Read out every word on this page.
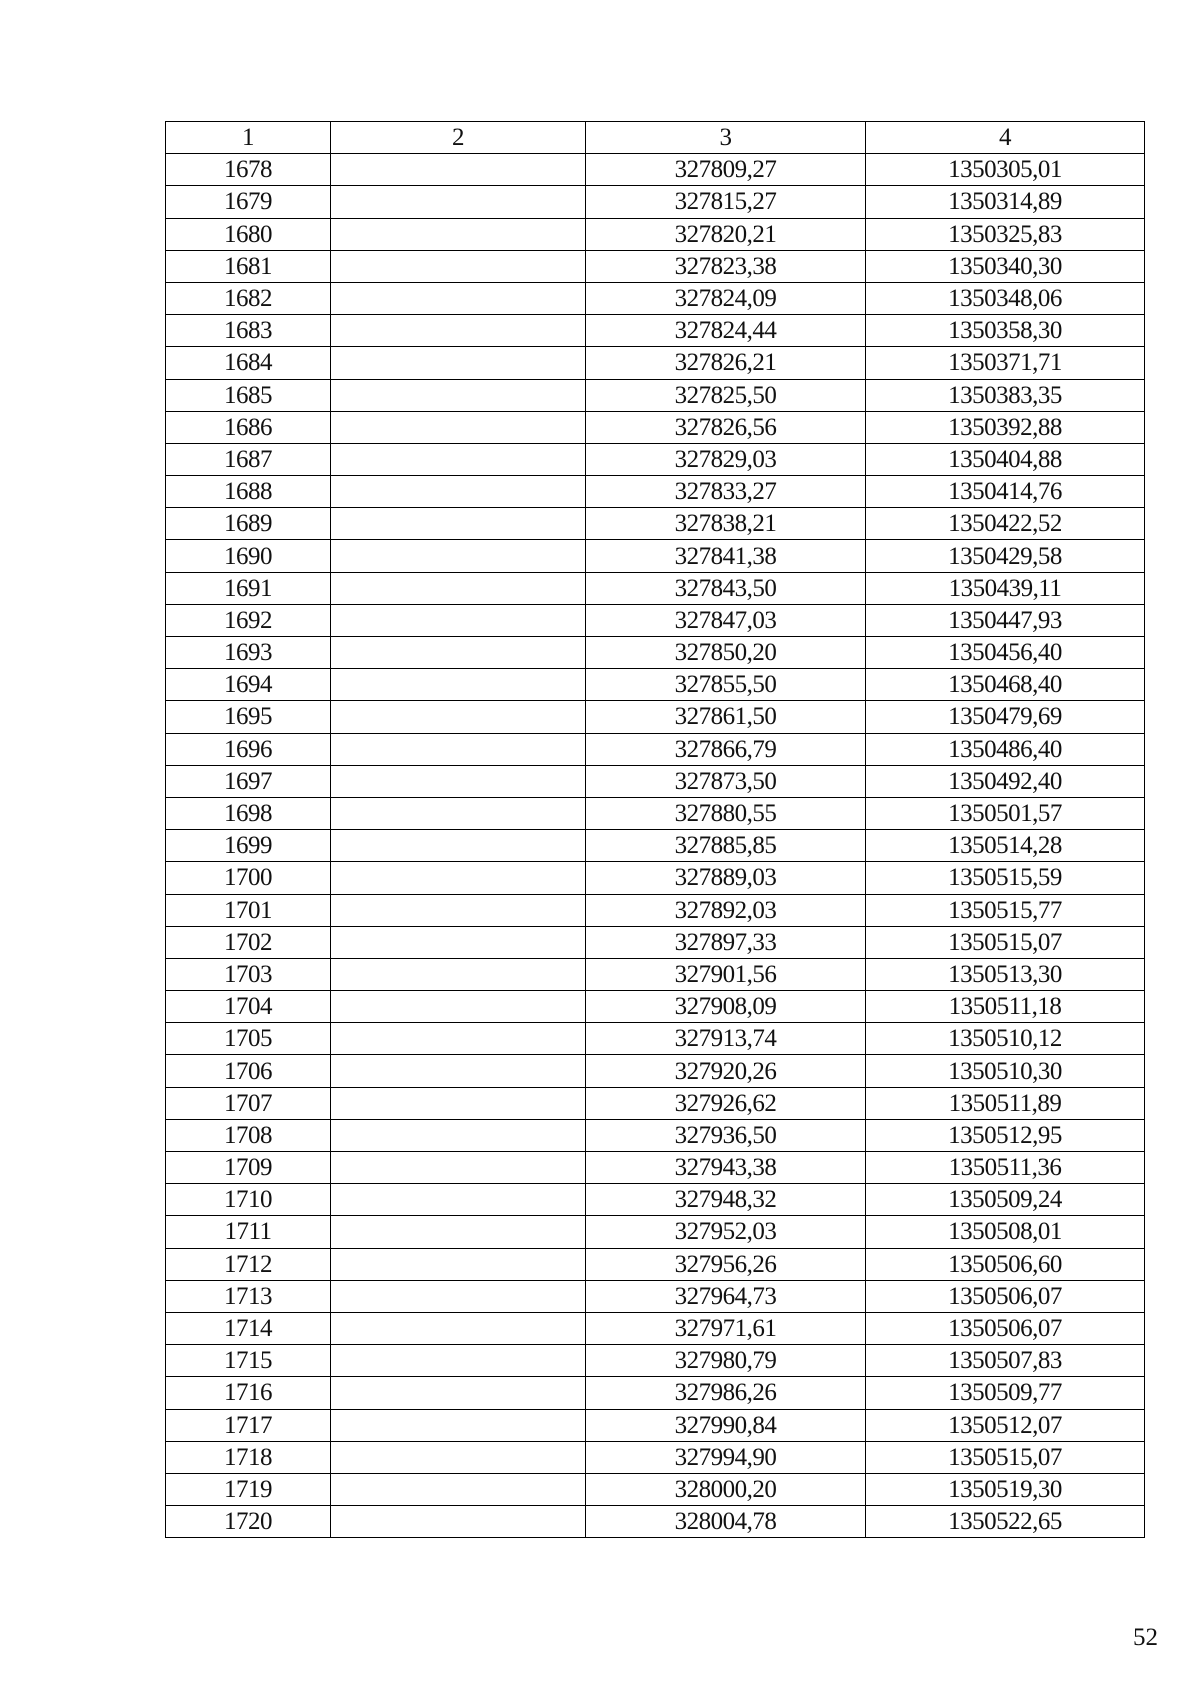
1	2	3	4
1678		327809,27	1350305,01
1679		327815,27	1350314,89
1680		327820,21	1350325,83
1681		327823,38	1350340,30
1682		327824,09	1350348,06
1683		327824,44	1350358,30
1684		327826,21	1350371,71
1685		327825,50	1350383,35
1686		327826,56	1350392,88
1687		327829,03	1350404,88
1688		327833,27	1350414,76
1689		327838,21	1350422,52
1690		327841,38	1350429,58
1691		327843,50	1350439,11
1692		327847,03	1350447,93
1693		327850,20	1350456,40
1694		327855,50	1350468,40
1695		327861,50	1350479,69
1696		327866,79	1350486,40
1697		327873,50	1350492,40
1698		327880,55	1350501,57
1699		327885,85	1350514,28
1700		327889,03	1350515,59
1701		327892,03	1350515,77
1702		327897,33	1350515,07
1703		327901,56	1350513,30
1704		327908,09	1350511,18
1705		327913,74	1350510,12
1706		327920,26	1350510,30
1707		327926,62	1350511,89
1708		327936,50	1350512,95
1709		327943,38	1350511,36
1710		327948,32	1350509,24
1711		327952,03	1350508,01
1712		327956,26	1350506,60
1713		327964,73	1350506,07
1714		327971,61	1350506,07
1715		327980,79	1350507,83
1716		327986,26	1350509,77
1717		327990,84	1350512,07
1718		327994,90	1350515,07
1719		328000,20	1350519,30
1720		328004,78	1350522,65
52
